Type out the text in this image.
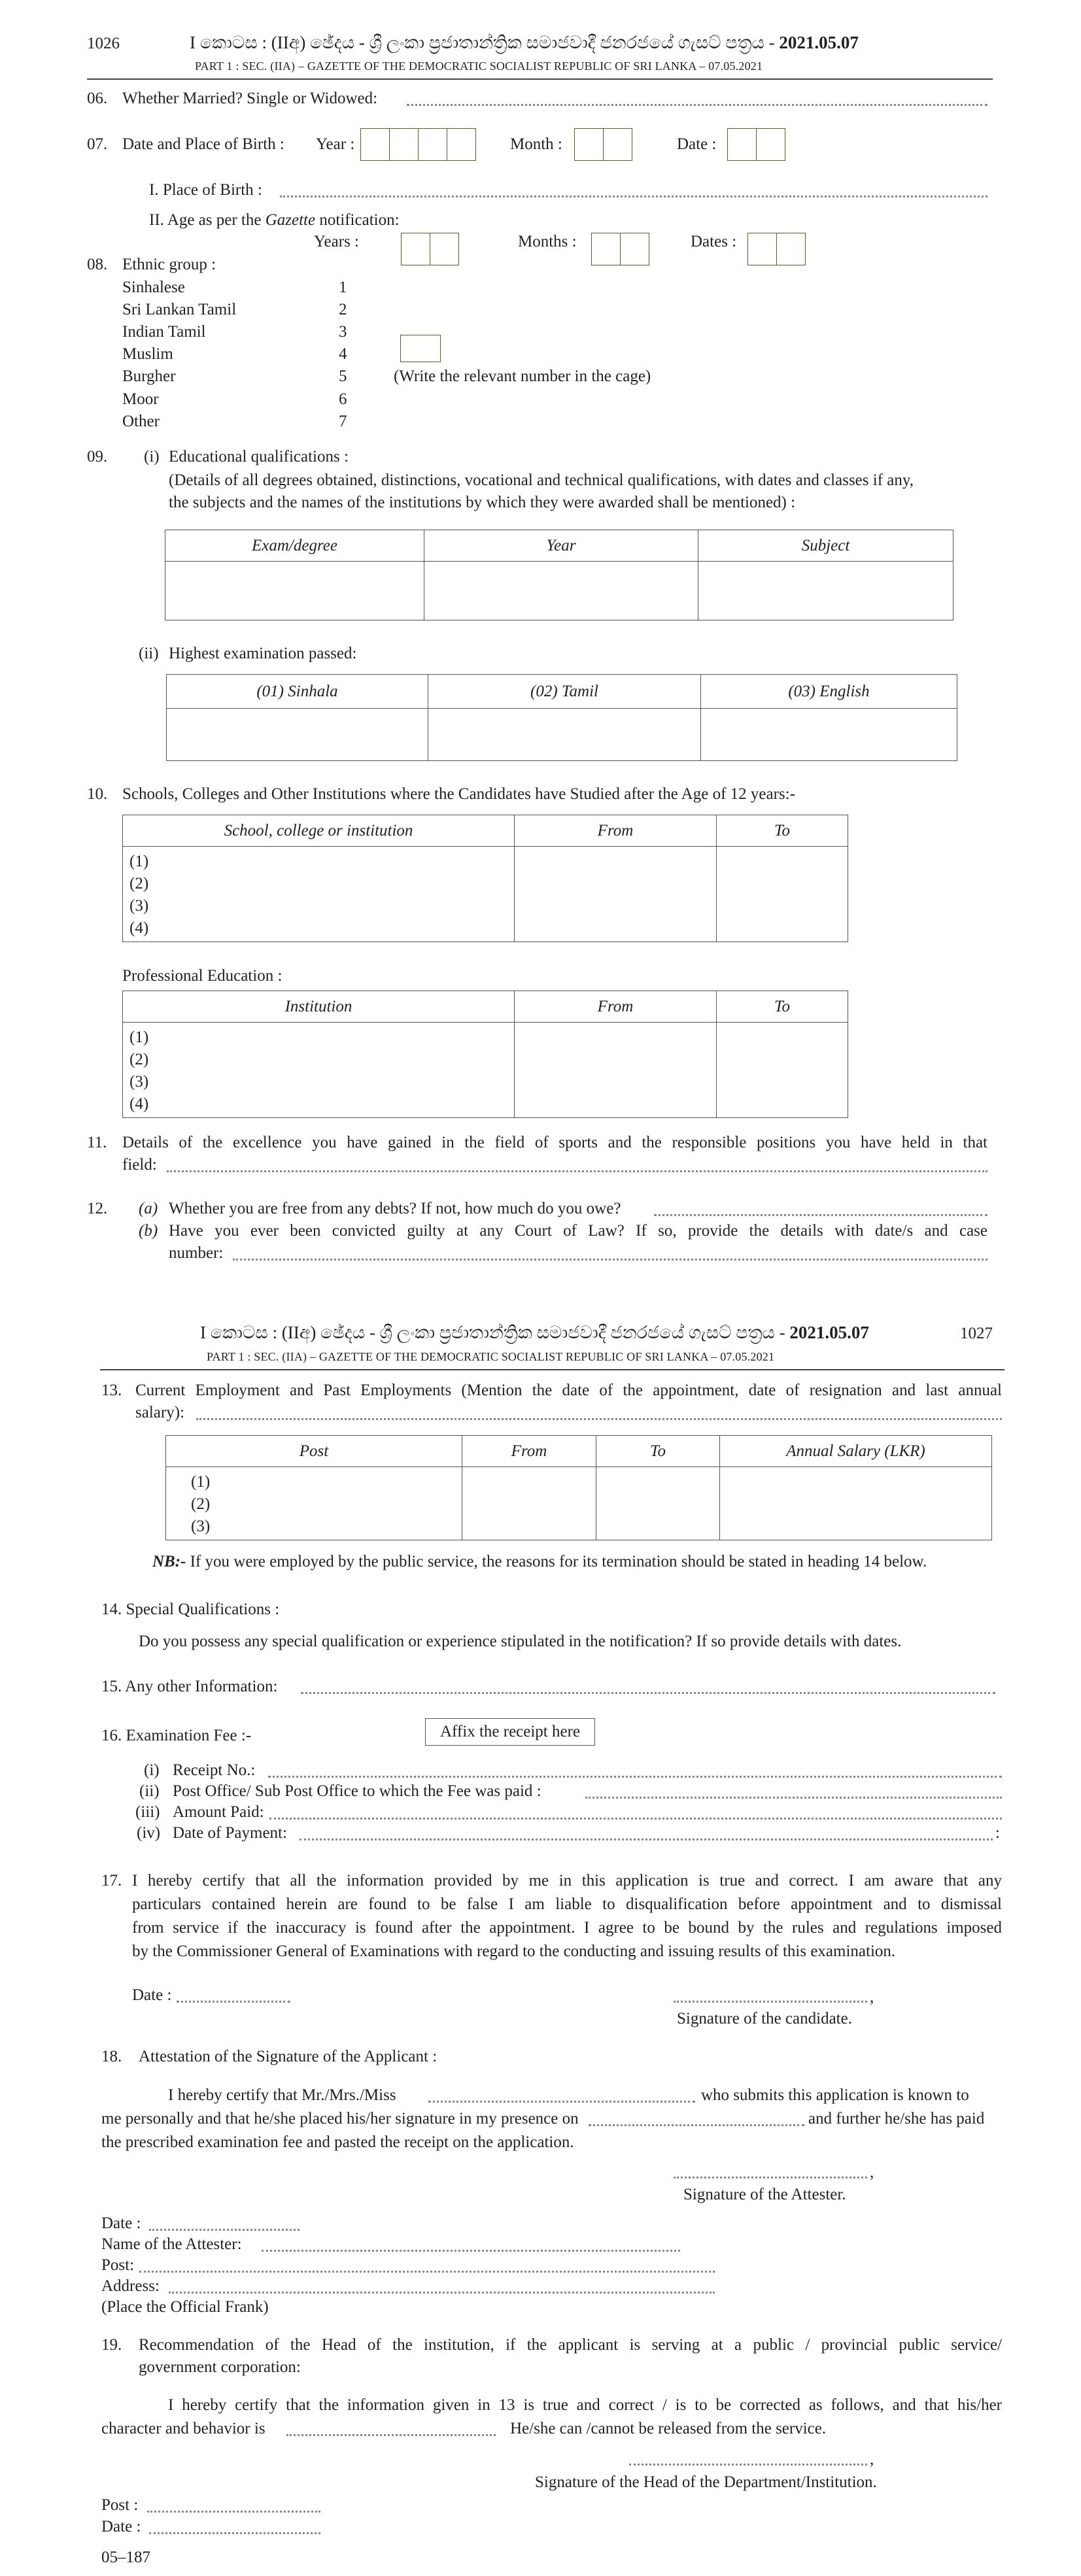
1026	I කොටස : (IIඅ) ඡේදය - ශ්‍රී ලංකා ප්‍රජාතාන්ත්‍රික සමාජවාදී ජනරජයේ ගැසට් පත්‍රය - 2021.05.07
PART 1 : SEC. (IIA) – GAZETTE OF THE DEMOCRATIC SOCIALIST REPUBLIC OF SRI LANKA – 07.05.2021
06. Whether Married? Single or Widowed:
07. Date and Place of Birth : Year :	Month :	Date :
I. Place of Birth :
II. Age as per the Gazette notification:
Years :	Months :	Dates :
08. Ethnic group :
Sinhalese	1
Sri Lankan Tamil	2
Indian Tamil	3
Muslim	4
Burgher	5
Moor	6
Other	7
(Write the relevant number in the cage)
09. (i) Educational qualifications :
(Details of all degrees obtained, distinctions, vocational and technical qualifications, with dates and classes if any,
the subjects and the names of the institutions by which they were awarded shall be mentioned) :
Exam/degree	Year	Subject

(ii) Highest examination passed:
(01) Sinhala	(02) Tamil	(03) English

10. Schools, Colleges and Other Institutions where the Candidates have Studied after the Age of 12 years:-
School, college or institution	From	To

(1)
(2)
(3)
(4)		

Professional Education :
Institution	From	To

(1)
(2)
(3)
(4)		

11. Details of the excellence you have gained in the field of sports and the responsible positions you have held in that
field:
12. (a) Whether you are free from any debts? If not, how much do you owe?
(b) Have you ever been convicted guilty at any Court of Law? If so, provide the details with date/s and case
number:
I කොටස : (IIඅ) ඡේදය - ශ්‍රී ලංකා ප්‍රජාතාන්ත්‍රික සමාජවාදී ජනරජයේ ගැසට් පත්‍රය - 2021.05.07	1027
PART 1 : SEC. (IIA) – GAZETTE OF THE DEMOCRATIC SOCIALIST REPUBLIC OF SRI LANKA – 07.05.2021
13. Current Employment and Past Employments (Mention the date of the appointment, date of resignation and last annual
salary):
Post	From	To	Annual Salary (LKR)

(1)
(2)
(3)			

NB:- If you were employed by the public service, the reasons for its termination should be stated in heading 14 below.
14. Special Qualifications :
Do you possess any special qualification or experience stipulated in the notification? If so provide details with dates.
15. Any other Information:
16. Examination Fee :-	Affix the receipt here
(i) Receipt No.:
(ii) Post Office/ Sub Post Office to which the Fee was paid :
(iii) Amount Paid:
(iv) Date of Payment:	:
17. I hereby certify that all the information provided by me in this application is true and correct. I am aware that any
particulars contained herein are found to be false I am liable to disqualification before appointment and to dismissal
from service if the inaccuracy is found after the appointment. I agree to be bound by the rules and regulations imposed
by the Commissioner General of Examinations with regard to the conducting and issuing results of this examination.
Date :	,
Signature of the candidate.
18. Attestation of the Signature of the Applicant :
I hereby certify that Mr./Mrs./Miss	who submits this application is known to
me personally and that he/she placed his/her signature in my presence on	and further he/she has paid
the prescribed examination fee and pasted the receipt on the application.
,
Signature of the Attester.
Date :
Name of the Attester:
Post:
Address:
(Place the Official Frank)
19. Recommendation of the Head of the institution, if the applicant is serving at a public / provincial public service/
government corporation:
I hereby certify that the information given in 13 is true and correct / is to be corrected as follows, and that his/her
character and behavior is	He/she can /cannot be released from the service.
,
Signature of the Head of the Department/Institution.
Post :
Date :
05–187
